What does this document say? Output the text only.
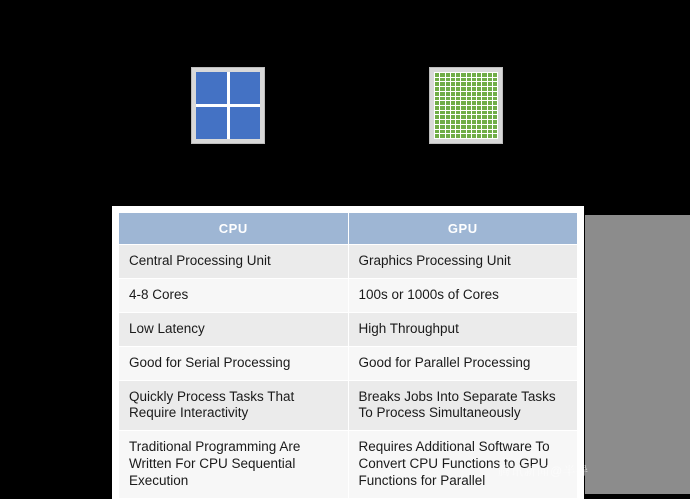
CPU	GPU
Central Processing Unit	Graphics Processing Unit
4-8 Cores	100s or 1000s of Cores
Low Latency	High Throughput
Good for Serial Processing	Good for Parallel Processing
Quickly Process Tasks That Require Interactivity	Breaks Jobs Into Separate Tasks To Process Simultaneously
Traditional Programming Are Written For CPU Sequential Execution	Requires Additional Software To Convert CPU Functions to GPU Functions for Parallel
腾讯新闻@半导
